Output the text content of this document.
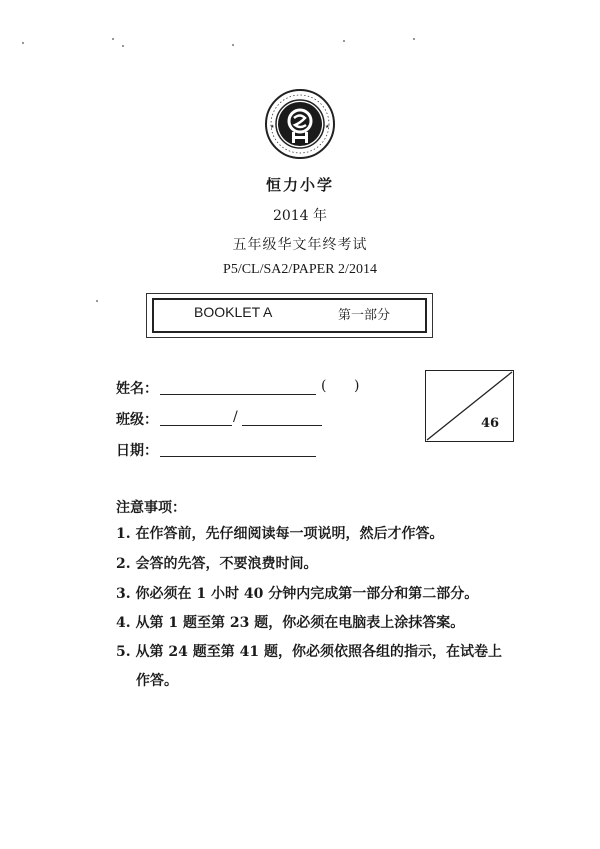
★	★
恒力小学
2014 年
五年级华文年终考试
P5/CL/SA2/PAPER 2/2014
BOOKLET A	第一部分
姓名：	( )
班级：	/
日期：
46
注意事项：
1. 在作答前，先仔细阅读每一项说明，然后才作答。
2. 会答的先答，不要浪费时间。
3. 你必须在 1 小时 40 分钟内完成第一部分和第二部分。
4. 从第 1 题至第 23 题，你必须在电脑表上涂抹答案。
5. 从第 24 题至第 41 题，你必须依照各组的指示，在试卷上
作答。
